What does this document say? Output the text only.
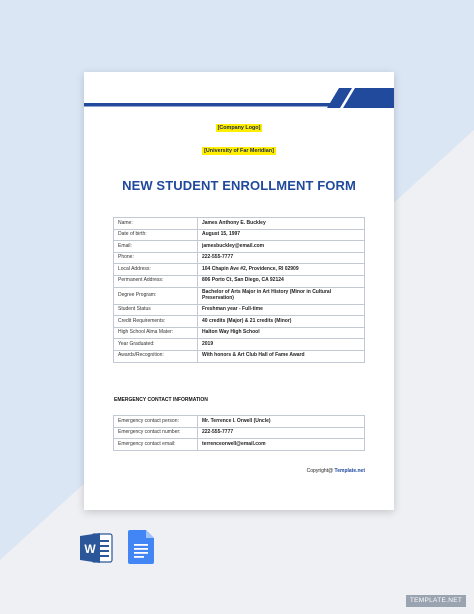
[Company Logo]
[University of Far Meridian]
NEW STUDENT ENROLLMENT FORM
Name:	James Anthony E. Buckley
Date of birth:	August 15, 1997
Email:	jamesbuckley@email.com
Phone:	222-555-7777
Local Address:	104 Chapin Ave #2, Providence, RI 02909
Permanent Address:	806 Porto Ct, San Diego, CA 92124
Degree Program:	Bachelor of Arts Major in Art History (Minor in Cultural Preservation)
Student Status	Freshman year - Full-time
Credit Requirements:	40 credits (Major) & 21 credits (Minor)
High School Alma Mater:	Halton Way High School
Year Graduated:	2019
Awards/Recognition:	With honors & Art Club Hall of Fame Award
EMERGENCY CONTACT INFORMATION
Emergency contact person:	Mr. Terrence I. Orwell (Uncle)
Emergency contact number:	222-555-7777
Emergency contact email:	terrenceorwell@email.com
Copyright@ Template.net
W
TEMPLATE.NET
